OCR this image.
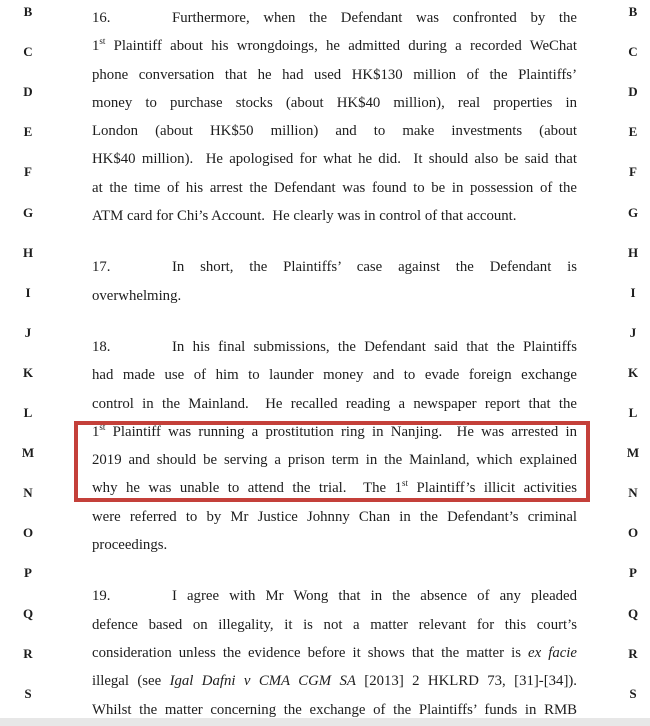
B
C
D
E
F
G
H
I
J
K
L
M
N
O
P
Q
R
S
B
C
D
E
F
G
H
I
J
K
L
M
N
O
P
Q
R
S
16.	Furthermore, when the Defendant was confronted by the
1st Plaintiff about his wrongdoings, he admitted during a recorded WeChat
phone conversation that he had used HK$130 million of the Plaintiffs’
money to purchase stocks (about HK$40 million), real properties in
London (about HK$50 million) and to make investments (about
HK$40 million).  He apologised for what he did.  It should also be said that
at the time of his arrest the Defendant was found to be in possession of the
ATM card for Chi’s Account.  He clearly was in control of that account.
17.	In short, the Plaintiffs’ case against the Defendant is
overwhelming.
18.	In his final submissions, the Defendant said that the Plaintiffs
had made use of him to launder money and to evade foreign exchange
control in the Mainland.  He recalled reading a newspaper report that the
1st Plaintiff was running a prostitution ring in Nanjing.  He was arrested in
2019 and should be serving a prison term in the Mainland, which explained
why he was unable to attend the trial.  The 1st Plaintiff’s illicit activities
were referred to by Mr Justice Johnny Chan in the Defendant’s criminal
proceedings.
19.	I agree with Mr Wong that in the absence of any pleaded
defence based on illegality, it is not a matter relevant for this court’s
consideration unless the evidence before it shows that the matter is ex facie
illegal (see Igal Dafni v CMA CGM SA [2013] 2 HKLRD 73, [31]-[34]).
Whilst the matter concerning the exchange of the Plaintiffs’ funds in RMB
